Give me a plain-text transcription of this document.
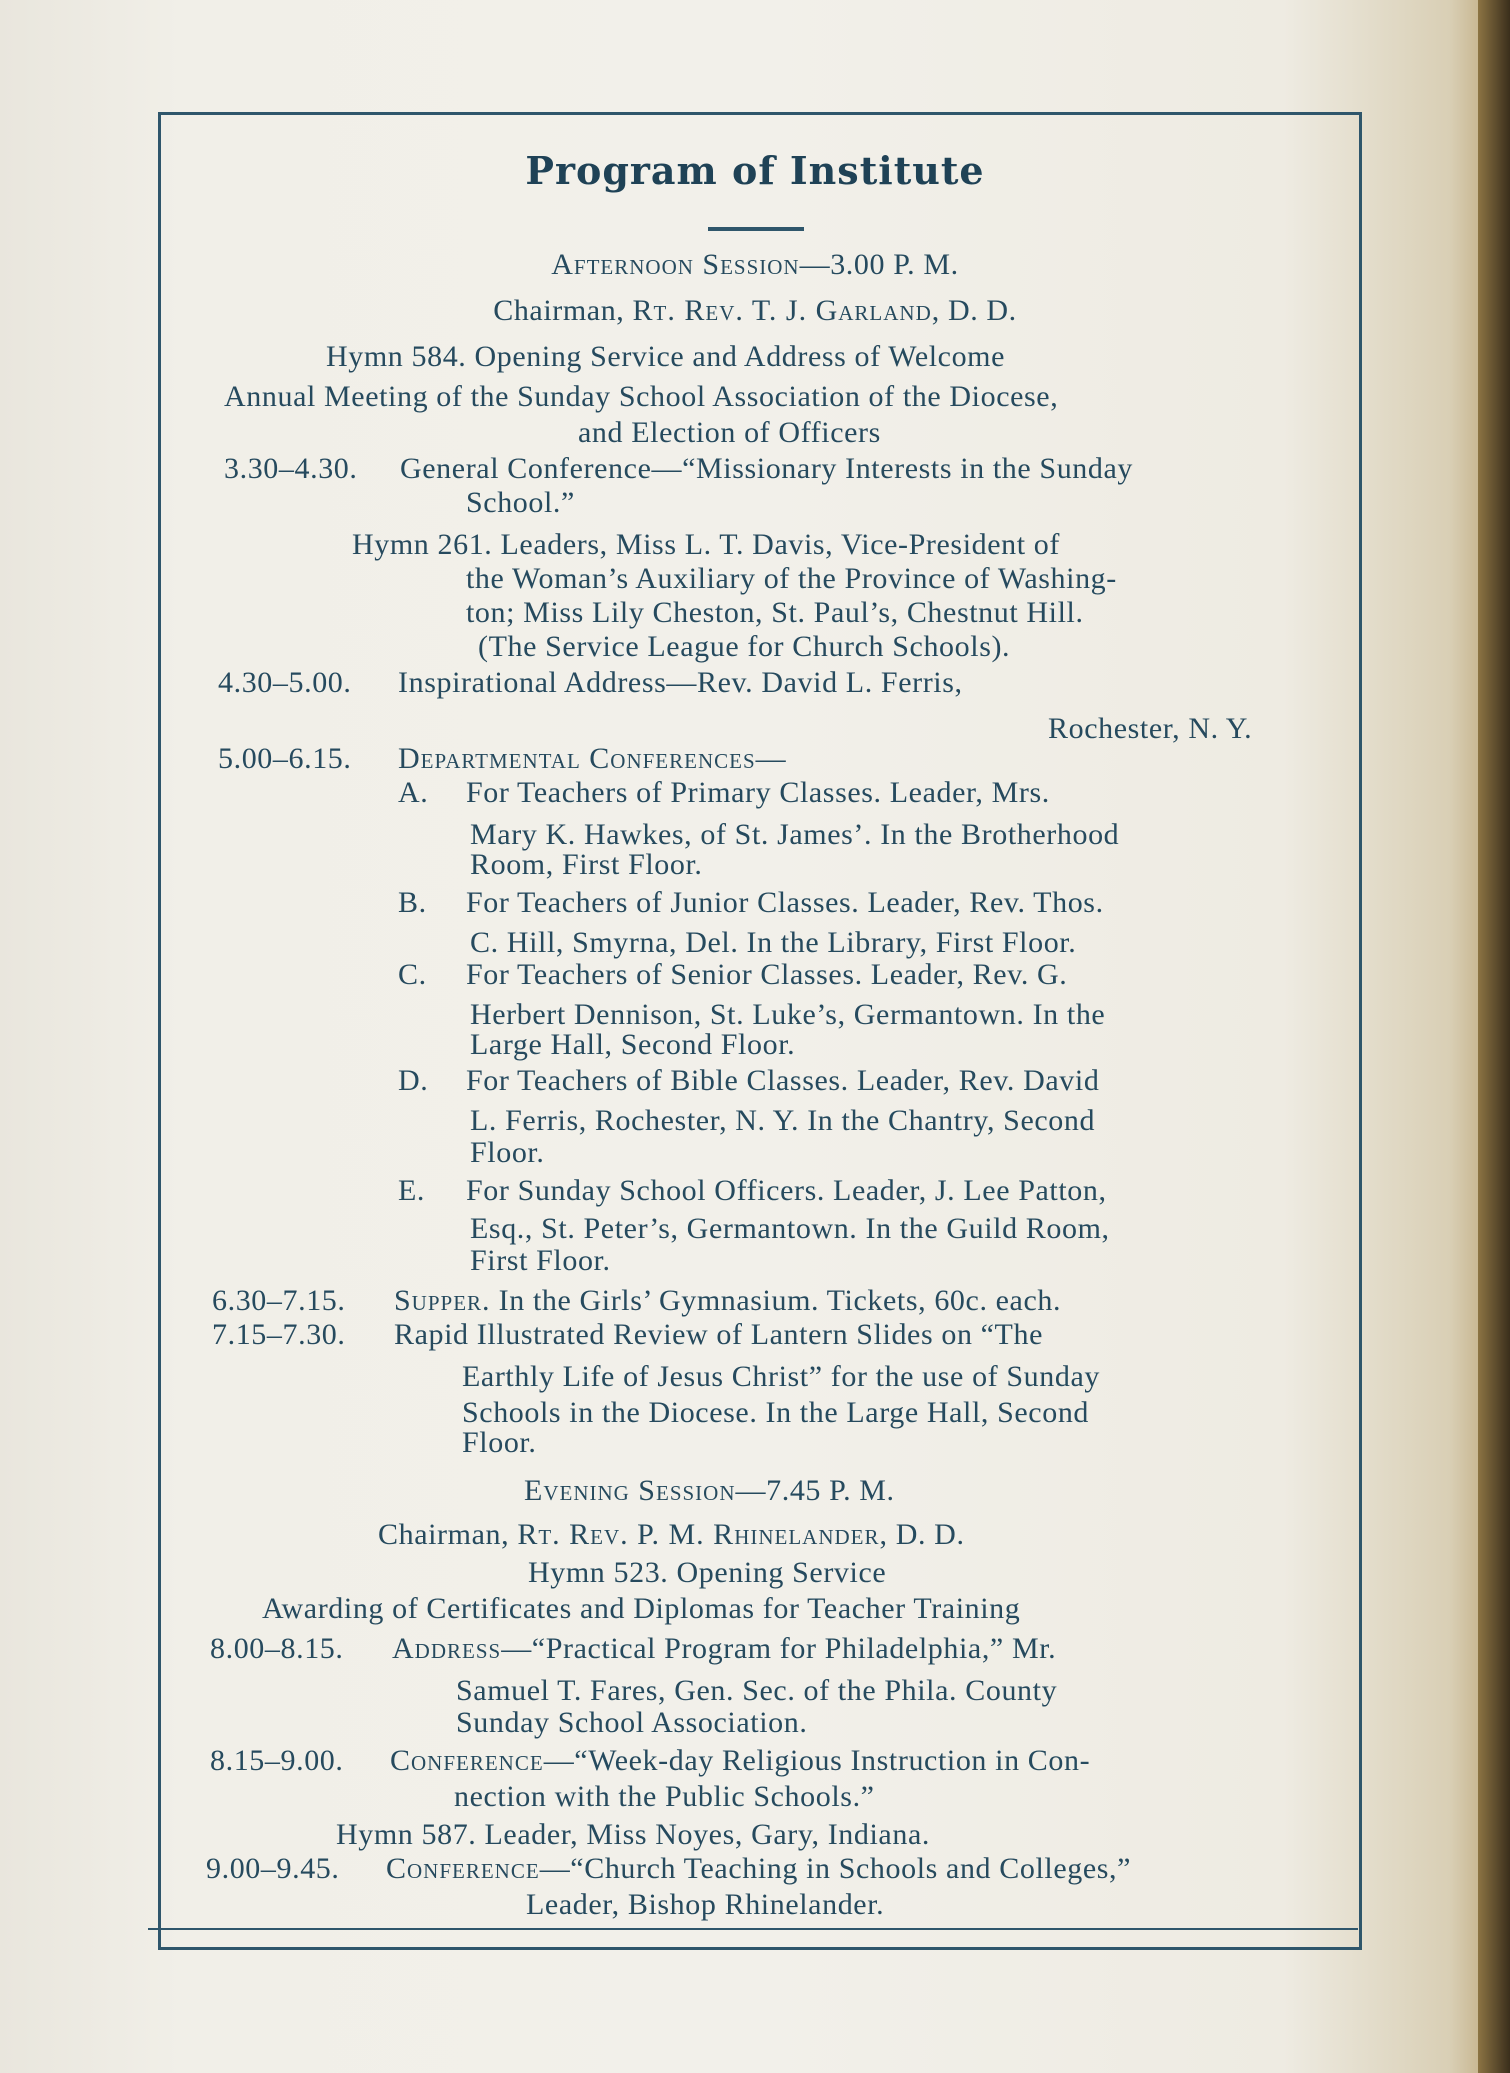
Program of Institute
Afternoon Session—3.00 P. M.
Chairman, Rt. Rev. T. J. Garland, D. D.
Hymn 584. Opening Service and Address of Welcome
Annual Meeting of the Sunday School Association of the Diocese,
and Election of Officers
3.30–4.30. General Conference—“Missionary Interests in the Sunday
School.”
Hymn 261. Leaders, Miss L. T. Davis, Vice-President of
the Woman’s Auxiliary of the Province of Washing-
ton; Miss Lily Cheston, St. Paul’s, Chestnut Hill.
(The Service League for Church Schools).
4.30–5.00. Inspirational Address—Rev. David L. Ferris,
Rochester, N. Y.
5.00–6.15. Departmental Conferences—
A. For Teachers of Primary Classes. Leader, Mrs.
Mary K. Hawkes, of St. James’. In the Brotherhood
Room, First Floor.
B. For Teachers of Junior Classes. Leader, Rev. Thos.
C. Hill, Smyrna, Del. In the Library, First Floor.
C. For Teachers of Senior Classes. Leader, Rev. G.
Herbert Dennison, St. Luke’s, Germantown. In the
Large Hall, Second Floor.
D. For Teachers of Bible Classes. Leader, Rev. David
L. Ferris, Rochester, N. Y. In the Chantry, Second
Floor.
E. For Sunday School Officers. Leader, J. Lee Patton,
Esq., St. Peter’s, Germantown. In the Guild Room,
First Floor.
6.30–7.15. Supper. In the Girls’ Gymnasium. Tickets, 60c. each.
7.15–7.30. Rapid Illustrated Review of Lantern Slides on “The
Earthly Life of Jesus Christ” for the use of Sunday
Schools in the Diocese. In the Large Hall, Second
Floor.
Evening Session—7.45 P. M.
Chairman, Rt. Rev. P. M. Rhinelander, D. D.
Hymn 523. Opening Service
Awarding of Certificates and Diplomas for Teacher Training
8.00–8.15. Address—“Practical Program for Philadelphia,” Mr.
Samuel T. Fares, Gen. Sec. of the Phila. County
Sunday School Association.
8.15–9.00. Conference—“Week-day Religious Instruction in Con-
nection with the Public Schools.”
Hymn 587. Leader, Miss Noyes, Gary, Indiana.
9.00–9.45. Conference—“Church Teaching in Schools and Colleges,”
Leader, Bishop Rhinelander.
